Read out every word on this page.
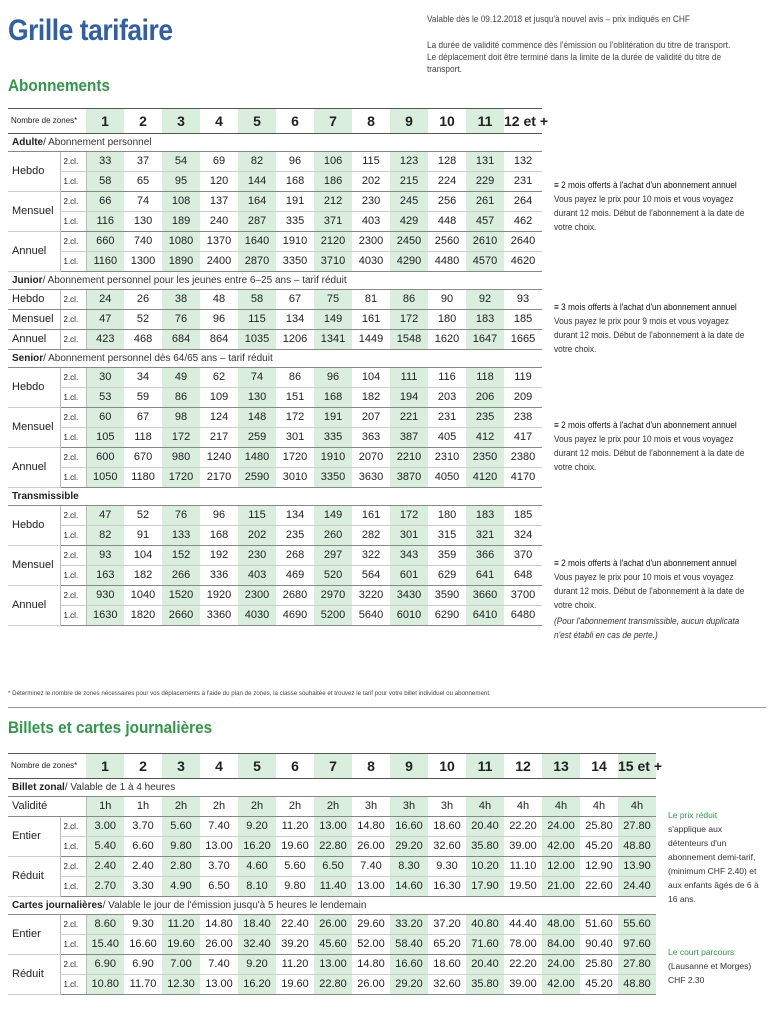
Grille tarifaire	Valable dès le 09.12.2018 et jusqu'à nouvel avis – prix indiqués en CHF

La durée de validité commence dès l'émission ou l'oblitération du titre de transport. Le déplacement doit être terminé dans la limite de la durée de validité du titre de transport.

Abonnements
Nombre de zones*		1	2	3	4	5	6	7	8	9	10	11	12 et +
Adulte/ Abonnement personnel													
Hebdo	2.cl.	33	37	54	69	82	96	106	115	123	128	131	132
	1.cl.	58	65	95	120	144	168	186	202	215	224	229	231
Mensuel	2.cl.	66	74	108	137	164	191	212	230	245	256	261	264
	1.cl.	116	130	189	240	287	335	371	403	429	448	457	462
Annuel	2.cl.	660	740	1080	1370	1640	1910	2120	2300	2450	2560	2610	2640
	1.cl.	1160	1300	1890	2400	2870	3350	3710	4030	4290	4480	4570	4620
Junior/ Abonnement personnel pour les jeunes entre 6–25 ans – tarif réduit													
Hebdo	2.cl.	24	26	38	48	58	67	75	81	86	90	92	93
Mensuel	2.cl.	47	52	76	96	115	134	149	161	172	180	183	185
Annuel	2.cl.	423	468	684	864	1035	1206	1341	1449	1548	1620	1647	1665
Senior/ Abonnement personnel dès 64/65 ans – tarif réduit													
Hebdo	2.cl.	30	34	49	62	74	86	96	104	111	116	118	119
	1.cl.	53	59	86	109	130	151	168	182	194	203	206	209
Mensuel	2.cl.	60	67	98	124	148	172	191	207	221	231	235	238
	1.cl.	105	118	172	217	259	301	335	363	387	405	412	417
Annuel	2.cl.	600	670	980	1240	1480	1720	1910	2070	2210	2310	2350	2380
	1.cl.	1050	1180	1720	2170	2590	3010	3350	3630	3870	4050	4120	4170
Transmissible													
Hebdo	2.cl.	47	52	76	96	115	134	149	161	172	180	183	185
	1.cl.	82	91	133	168	202	235	260	282	301	315	321	324
Mensuel	2.cl.	93	104	152	192	230	268	297	322	343	359	366	370
	1.cl.	163	182	266	336	403	469	520	564	601	629	641	648
Annuel	2.cl.	930	1040	1520	1920	2300	2680	2970	3220	3430	3590	3660	3700
	1.cl.	1630	1820	2660	3360	4030	4690	5200	5640	6010	6290	6410	6480

≡ 2 mois offerts à l'achat d'un abonnement annuel

Vous payez le prix pour 10 mois et vous voyagez durant 12 mois. Début de l'abonnement à la date de votre choix.

≡ 3 mois offerts à l'achat d'un abonnement annuel

Vous payez le prix pour 9 mois et vous voyagez durant 12 mois. Début de l'abonnement à la date de votre choix.

≡ 2 mois offerts à l'achat d'un abonnement annuel

Vous payez le prix pour 10 mois et vous voyagez durant 12 mois. Début de l'abonnement à la date de votre choix.

≡ 2 mois offerts à l'achat d'un abonnement annuel

Vous payez le prix pour 10 mois et vous voyagez durant 12 mois. Début de l'abonnement à la date de votre choix.

(Pour l'abonnement transmissible, aucun duplicata n'est établi en cas de perte.)

* Déterminez le nombre de zones nécessaires pour vos déplacements à l'aide du plan de zones, la classe souhaitée et trouvez le tarif pour votre billet individuel ou abonnement.
Billets et cartes journalières
Nombre de zones*		1	2	3	4	5	6	7	8	9	10	11	12	13	14	15 et +
Billet zonal/ Valable de 1 à 4 heures																
Validité		1h	1h	2h	2h	2h	2h	2h	3h	3h	3h	4h	4h	4h	4h	4h
Entier	2.cl.	3.00	3.70	5.60	7.40	9.20	11.20	13.00	14.80	16.60	18.60	20.40	22.20	24.00	25.80	27.80
	1.cl.	5.40	6.60	9.80	13.00	16.20	19.60	22.80	26.00	29.20	32.60	35.80	39.00	42.00	45.20	48.80
Réduit	2.cl.	2.40	2.40	2.80	3.70	4.60	5.60	6.50	7.40	8.30	9.30	10.20	11.10	12.00	12.90	13.90
	1.cl.	2.70	3.30	4.90	6.50	8.10	9.80	11.40	13.00	14.60	16.30	17.90	19.50	21.00	22.60	24.40
Cartes journalières/ Valable le jour de l'émission jusqu'à 5 heures le lendemain																
Entier	2.cl.	8.60	9.30	11.20	14.80	18.40	22.40	26.00	29.60	33.20	37.20	40.80	44.40	48.00	51.60	55.60
	1.cl.	15.40	16.60	19.60	26.00	32.40	39.20	45.60	52.00	58.40	65.20	71.60	78.00	84.00	90.40	97.60
Réduit	2.cl.	6.90	6.90	7.00	7.40	9.20	11.20	13.00	14.80	16.60	18.60	20.40	22.20	24.00	25.80	27.80
	1.cl.	10.80	11.70	12.30	13.00	16.20	19.60	22.80	26.00	29.20	32.60	35.80	39.00	42.00	45.20	48.80

Le prix réduit

s'applique aux détenteurs d'un abonnement demi-tarif, (minimum CHF 2.40) et aux enfants âgés de 6 à 16 ans.

Le court parcours

(Lausanne et Morges) CHF 2.30
